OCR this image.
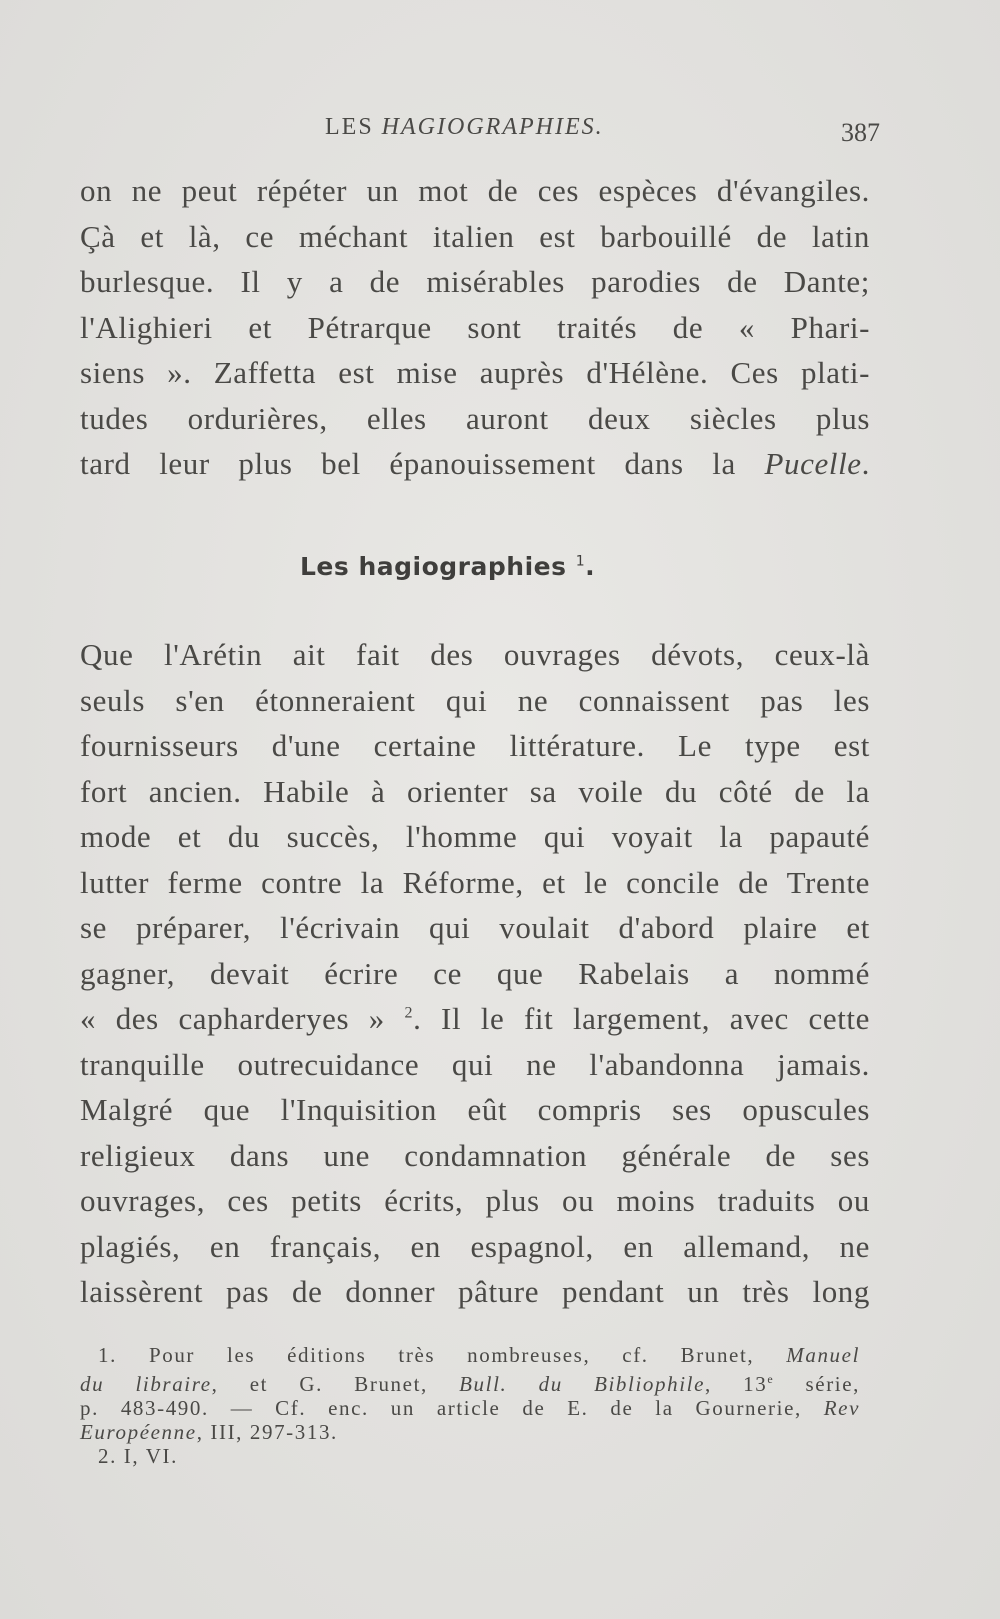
LES HAGIOGRAPHIES.	387
on ne peut répéter un mot de ces espèces d'évangiles.
Çà et là, ce méchant italien est barbouillé de latin
burlesque. Il y a de misérables parodies de Dante;
l'Alighieri et Pétrarque sont traités de « Phari-
siens ». Zaffetta est mise auprès d'Hélène. Ces plati-
tudes ordurières, elles auront deux siècles plus
tard leur plus bel épanouissement dans la Pucelle.
Les hagiographies $^1$.
Que l'Arétin ait fait des ouvrages dévots, ceux-là
seuls s'en étonneraient qui ne connaissent pas les
fournisseurs d'une certaine littérature. Le type est
fort ancien. Habile à orienter sa voile du côté de la
mode et du succès, l'homme qui voyait la papauté
lutter ferme contre la Réforme, et le concile de Trente
se préparer, l'écrivain qui voulait d'abord plaire et
gagner, devait écrire ce que Rabelais a nommé
« des capharderyes » $^2$. Il le fit largement, avec cette
tranquille outrecuidance qui ne l'abandonna jamais.
Malgré que l'Inquisition eût compris ses opuscules
religieux dans une condamnation générale de ses
ouvrages, ces petits écrits, plus ou moins traduits ou
plagiés, en français, en espagnol, en allemand, ne
laissèrent pas de donner pâture pendant un très long
1. Pour les éditions très nombreuses, cf. Brunet, Manuel
du libraire, et G. Brunet, Bull. du Bibliophile, 13e série,
p. 483-490. — Cf. enc. un article de E. de la Gournerie, Rev
Européenne, III, 297-313.
2. I, VI.
